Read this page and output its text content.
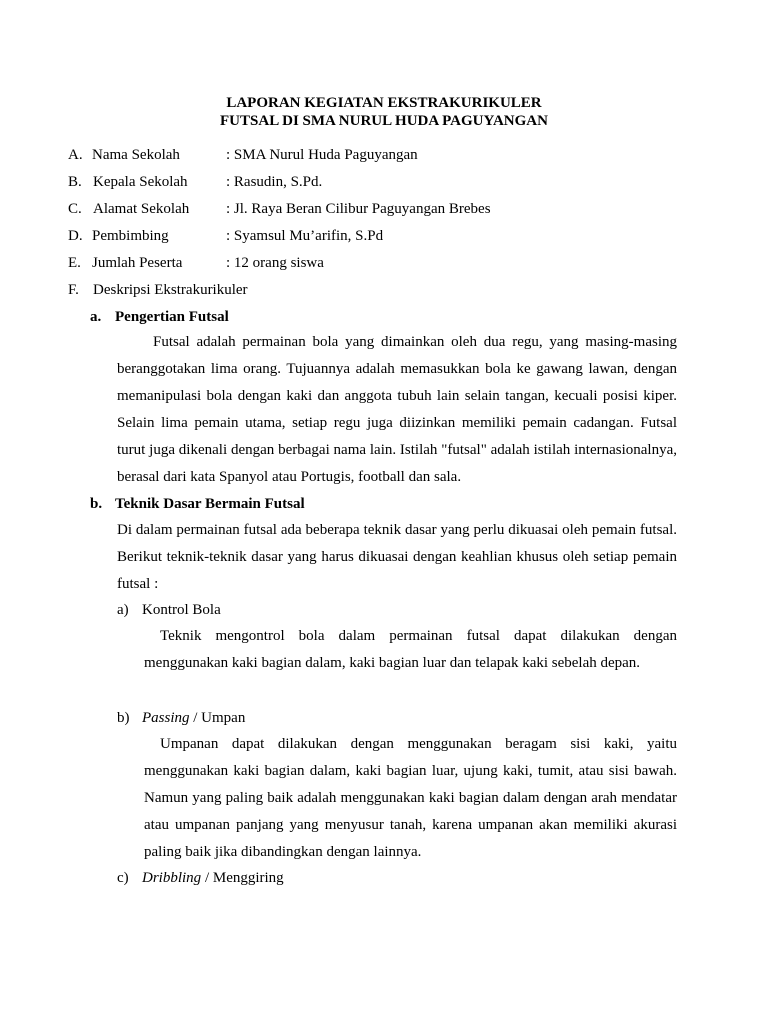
LAPORAN KEGIATAN EKSTRAKURIKULER
FUTSAL DI SMA NURUL HUDA PAGUYANGAN
A. Nama Sekolah	: SMA Nurul Huda Paguyangan
B. Kepala Sekolah	: Rasudin, S.Pd.
C. Alamat Sekolah : Jl. Raya Beran Cilibur Paguyangan Brebes
D. Pembimbing	: Syamsul Mu’arifin, S.Pd
E. Jumlah Peserta	: 12 orang siswa
F. Deskripsi Ekstrakurikuler
a. Pengertian Futsal

Futsal adalah permainan bola yang dimainkan oleh dua regu, yang masing-masing beranggotakan lima orang. Tujuannya adalah memasukkan bola ke gawang lawan, dengan memanipulasi bola dengan kaki dan anggota tubuh lain selain tangan, kecuali posisi kiper. Selain lima pemain utama, setiap regu juga diizinkan memiliki pemain cadangan. Futsal turut juga dikenali dengan berbagai nama lain. Istilah "futsal" adalah istilah internasionalnya, berasal dari kata Spanyol atau Portugis, football dan sala.

b. Teknik Dasar Bermain Futsal

Di dalam permainan futsal ada beberapa teknik dasar yang perlu dikuasai oleh pemain futsal. Berikut teknik-teknik dasar yang harus dikuasai dengan keahlian khusus oleh setiap pemain futsal :

a) Kontrol Bola

Teknik mengontrol bola dalam permainan futsal dapat dilakukan dengan menggunakan kaki bagian dalam, kaki bagian luar dan telapak kaki sebelah depan.

b) Passing / Umpan

Umpanan dapat dilakukan dengan menggunakan beragam sisi kaki, yaitu menggunakan kaki bagian dalam, kaki bagian luar, ujung kaki, tumit, atau sisi bawah. Namun yang paling baik adalah menggunakan kaki bagian dalam dengan arah mendatar atau umpanan panjang yang menyusur tanah, karena umpanan akan memiliki akurasi paling baik jika dibandingkan dengan lainnya.

c) Dribbling / Menggiring
